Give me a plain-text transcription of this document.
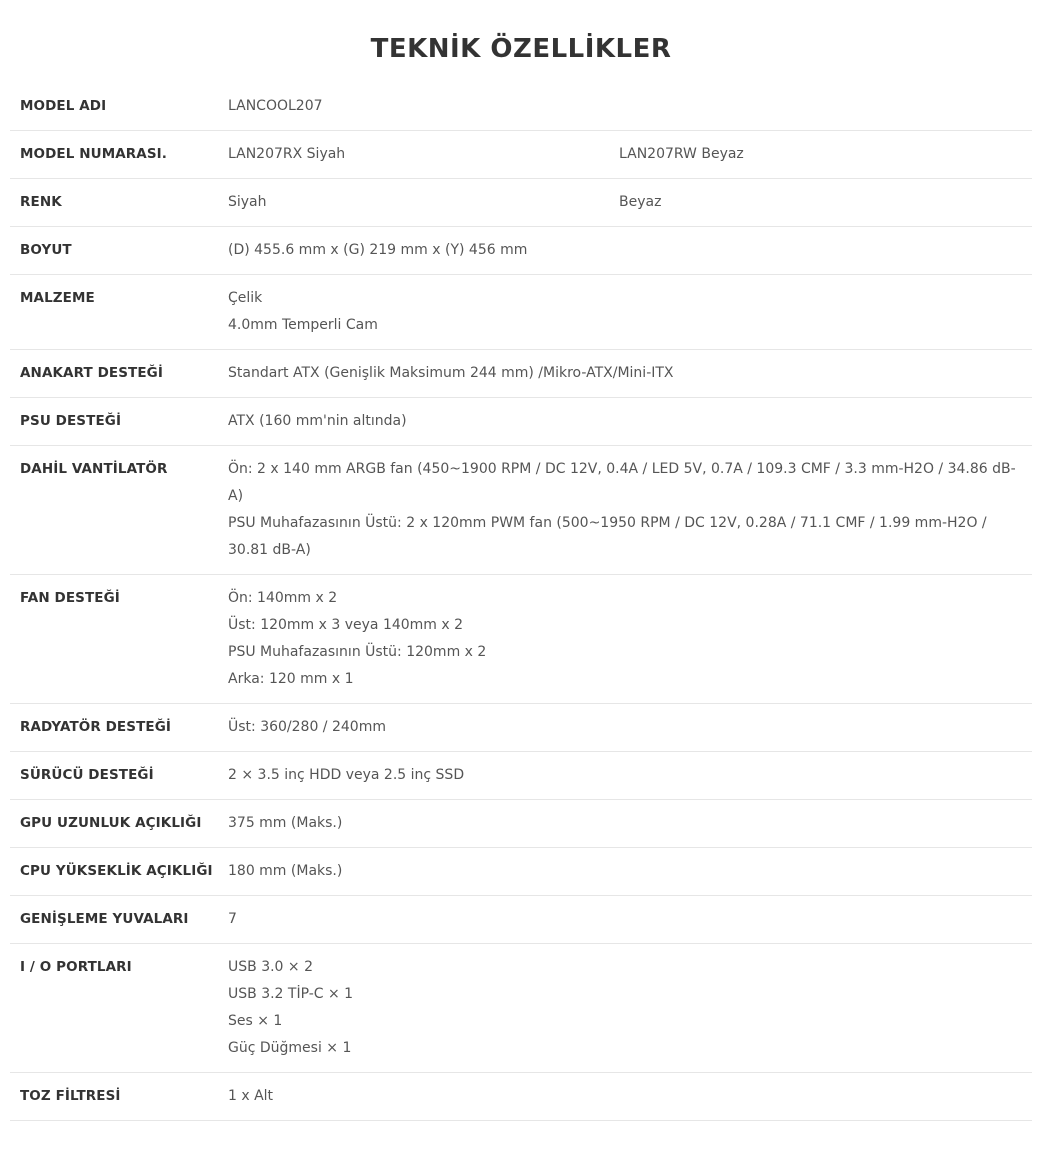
TEKNİK ÖZELLİKLER
MODEL ADI	LANCOOL207	
MODEL NUMARASI.	LAN207RX Siyah	LAN207RW Beyaz
RENK	Siyah	Beyaz
BOYUT	(D) 455.6 mm x (G) 219 mm x (Y) 456 mm	
MALZEME	Çelik
4.0mm Temperli Cam	

ANAKART DESTEĞİ	Standart ATX (Genişlik Maksimum 244 mm) /Mikro-ATX/Mini-ITX	
PSU DESTEĞİ	ATX (160 mm'nin altında)	
DAHİL VANTİLATÖR	Ön: 2 x 140 mm ARGB fan (450~1900 RPM / DC 12V, 0.4A / LED 5V, 0.7A / 109.3 CMF / 3.3 mm-H2O / 34.86 dB-A)
PSU Muhafazasının Üstü: 2 x 120mm PWM fan (500~1950 RPM / DC 12V, 0.28A / 71.1 CMF / 1.99 mm-H2O / 30.81 dB-A)	

FAN DESTEĞİ	Ön: 140mm x 2
Üst: 120mm x 3 veya 140mm x 2
PSU Muhafazasının Üstü: 120mm x 2
Arka: 120 mm x 1	

RADYATÖR DESTEĞİ	Üst: 360/280 / 240mm	
SÜRÜCÜ DESTEĞİ	2 × 3.5 inç HDD veya 2.5 inç SSD	
GPU UZUNLUK AÇIKLIĞI	375 mm (Maks.)	
CPU YÜKSEKLİK AÇIKLIĞI	180 mm (Maks.)	
GENİŞLEME YUVALARI	7	
I / O PORTLARI	USB 3.0 × 2
USB 3.2 TİP-C × 1
Ses × 1
Güç Düğmesi × 1	

TOZ FİLTRESİ	1 x Alt	
